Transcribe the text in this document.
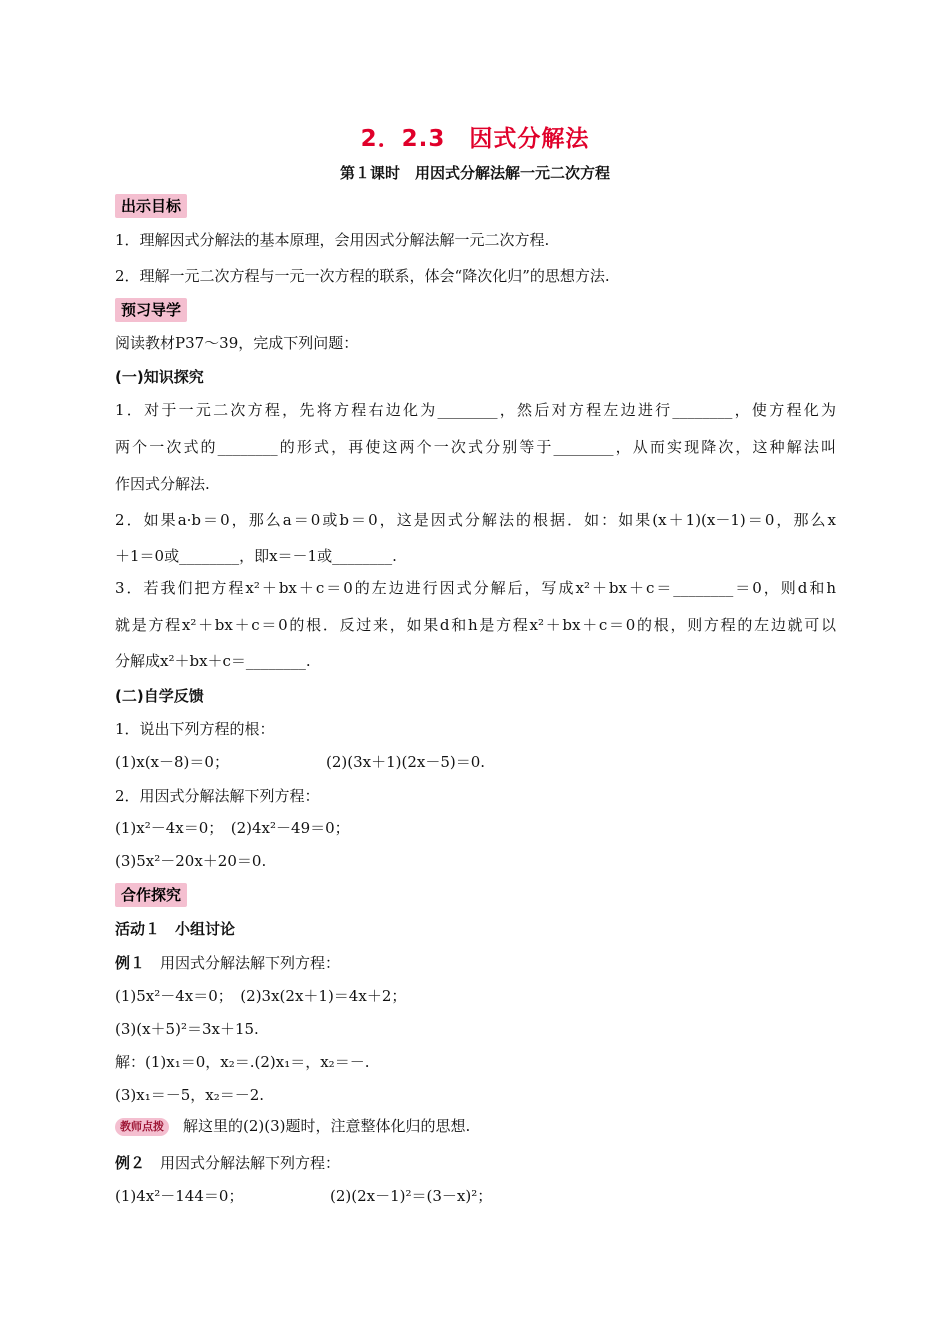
2．2.3　因式分解法
第１课时　用因式分解法解一元二次方程
出示目标
1．理解因式分解法的基本原理，会用因式分解法解一元二次方程.
2．理解一元二次方程与一元一次方程的联系，体会“降次化归”的思想方法.
预习导学
阅读教材P37～39，完成下列问题：
(一)知识探究
1．对于一元二次方程，先将方程右边化为________，然后对方程左边进行________，使方程化为
两个一次式的________的形式，再使这两个一次式分别等于________，从而实现降次，这种解法叫
作因式分解法.
2．如果a·b＝0，那么a＝0或b＝0，这是因式分解法的根据．如：如果(x＋1)(x－1)＝0，那么x
＋1＝0或________，即x＝－1或________.
3．若我们把方程x²＋bx＋c＝0的左边进行因式分解后，写成x²＋bx＋c＝________＝0，则d和h
就是方程x²＋bx＋c＝0的根．反过来，如果d和h是方程x²＋bx＋c＝0的根，则方程的左边就可以
分解成x²＋bx＋c＝________.
(二)自学反馈
1．说出下列方程的根：
(1)x(x－8)＝0；	(2)(3x＋1)(2x－5)＝0.
2．用因式分解法解下列方程：
(1)x²－4x＝0；　(2)4x²－49＝0；
(3)5x²－20x＋20＝0.
合作探究
活动１　小组讨论
例１　用因式分解法解下列方程：
(1)5x²－4x＝0；　(2)3x(2x＋1)＝4x＋2；
(3)(x＋5)²＝3x＋15.
解：(1)x₁＝0，x₂＝.(2)x₁＝，x₂＝－.
(3)x₁＝－5，x₂＝－2.
教师点拨 解这里的(2)(3)题时，注意整体化归的思想.
例２　用因式分解法解下列方程：
(1)4x²－144＝0；	(2)(2x－1)²＝(3－x)²；
